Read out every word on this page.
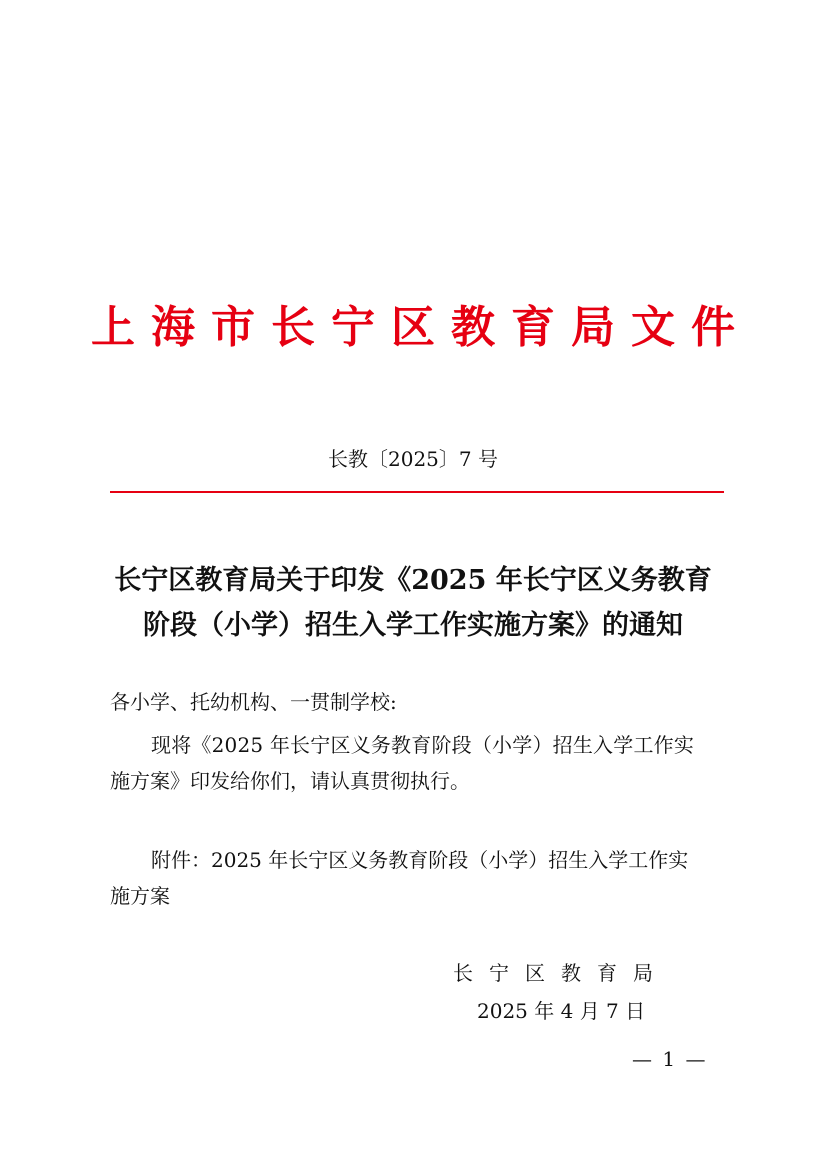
上海市长宁区教育局文件
长教〔2025〕7 号
长宁区教育局关于印发《2025 年长宁区义务教育
阶段（小学）招生入学工作实施方案》的通知
各小学、托幼机构、一贯制学校:
现将《2025 年长宁区义务教育阶段（小学）招生入学工作实
施方案》印发给你们，请认真贯彻执行。
附件：2025 年长宁区义务教育阶段（小学）招生入学工作实
施方案
长宁区教育局
2025 年 4 月 7 日
— 1 —
